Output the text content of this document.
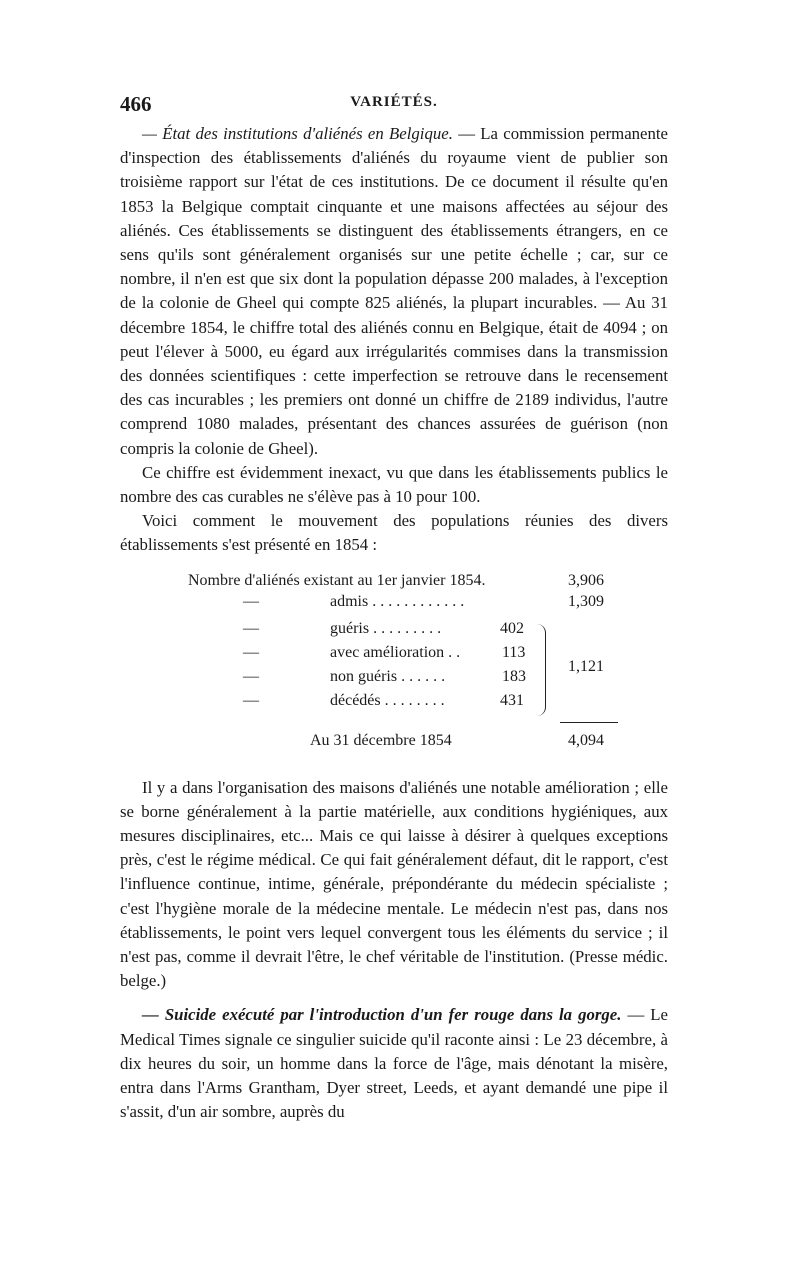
466	VARIÉTÉS.

— État des institutions d'aliénés en Belgique. — La commission permanente d'inspection des établissements d'aliénés du royaume vient de publier son troisième rapport sur l'état de ces institutions. De ce document il résulte qu'en 1853 la Belgique comptait cinquante et une maisons affectées au séjour des aliénés. Ces établissements se distinguent des établissements étrangers, en ce sens qu'ils sont généralement organisés sur une petite échelle ; car, sur ce nombre, il n'en est que six dont la population dépasse 200 malades, à l'exception de la colonie de Gheel qui compte 825 aliénés, la plupart incurables. — Au 31 décembre 1854, le chiffre total des aliénés connu en Belgique, était de 4094 ; on peut l'élever à 5000, eu égard aux irrégularités commises dans la transmission des données scientifiques : cette imperfection se retrouve dans le recensement des cas incurables ; les premiers ont donné un chiffre de 2189 individus, l'autre comprend 1080 malades, présentant des chances assurées de guérison (non compris la colonie de Gheel).

Ce chiffre est évidemment inexact, vu que dans les établissements publics le nombre des cas curables ne s'élève pas à 10 pour 100.

Voici comment le mouvement des populations réunies des divers établissements s'est présenté en 1854 :

Nombre d'aliénés existant au 1er janvier 1854.	3,906
—	admis . . . . . . . . . . . .	1,309
—	guéris . . . . . . . . .	402
—	avec amélioration . .	113
—	non guéris . . . . . .	183
—	décédés . . . . . . . .	431
1,121
Au 31 décembre 1854	4,094

Il y a dans l'organisation des maisons d'aliénés une notable amélioration ; elle se borne généralement à la partie matérielle, aux conditions hygiéniques, aux mesures disciplinaires, etc... Mais ce qui laisse à désirer à quelques exceptions près, c'est le régime médical. Ce qui fait généralement défaut, dit le rapport, c'est l'influence continue, intime, générale, prépondérante du médecin spécialiste ; c'est l'hygiène morale de la médecine mentale. Le médecin n'est pas, dans nos établissements, le point vers lequel convergent tous les éléments du service ; il n'est pas, comme il devrait l'être, le chef véritable de l'institution. (Presse médic. belge.)

— Suicide exécuté par l'introduction d'un fer rouge dans la gorge. — Le Medical Times signale ce singulier suicide qu'il raconte ainsi : Le 23 décembre, à dix heures du soir, un homme dans la force de l'âge, mais dénotant la misère, entra dans l'Arms Grantham, Dyer street, Leeds, et ayant demandé une pipe il s'assit, d'un air sombre, auprès du
